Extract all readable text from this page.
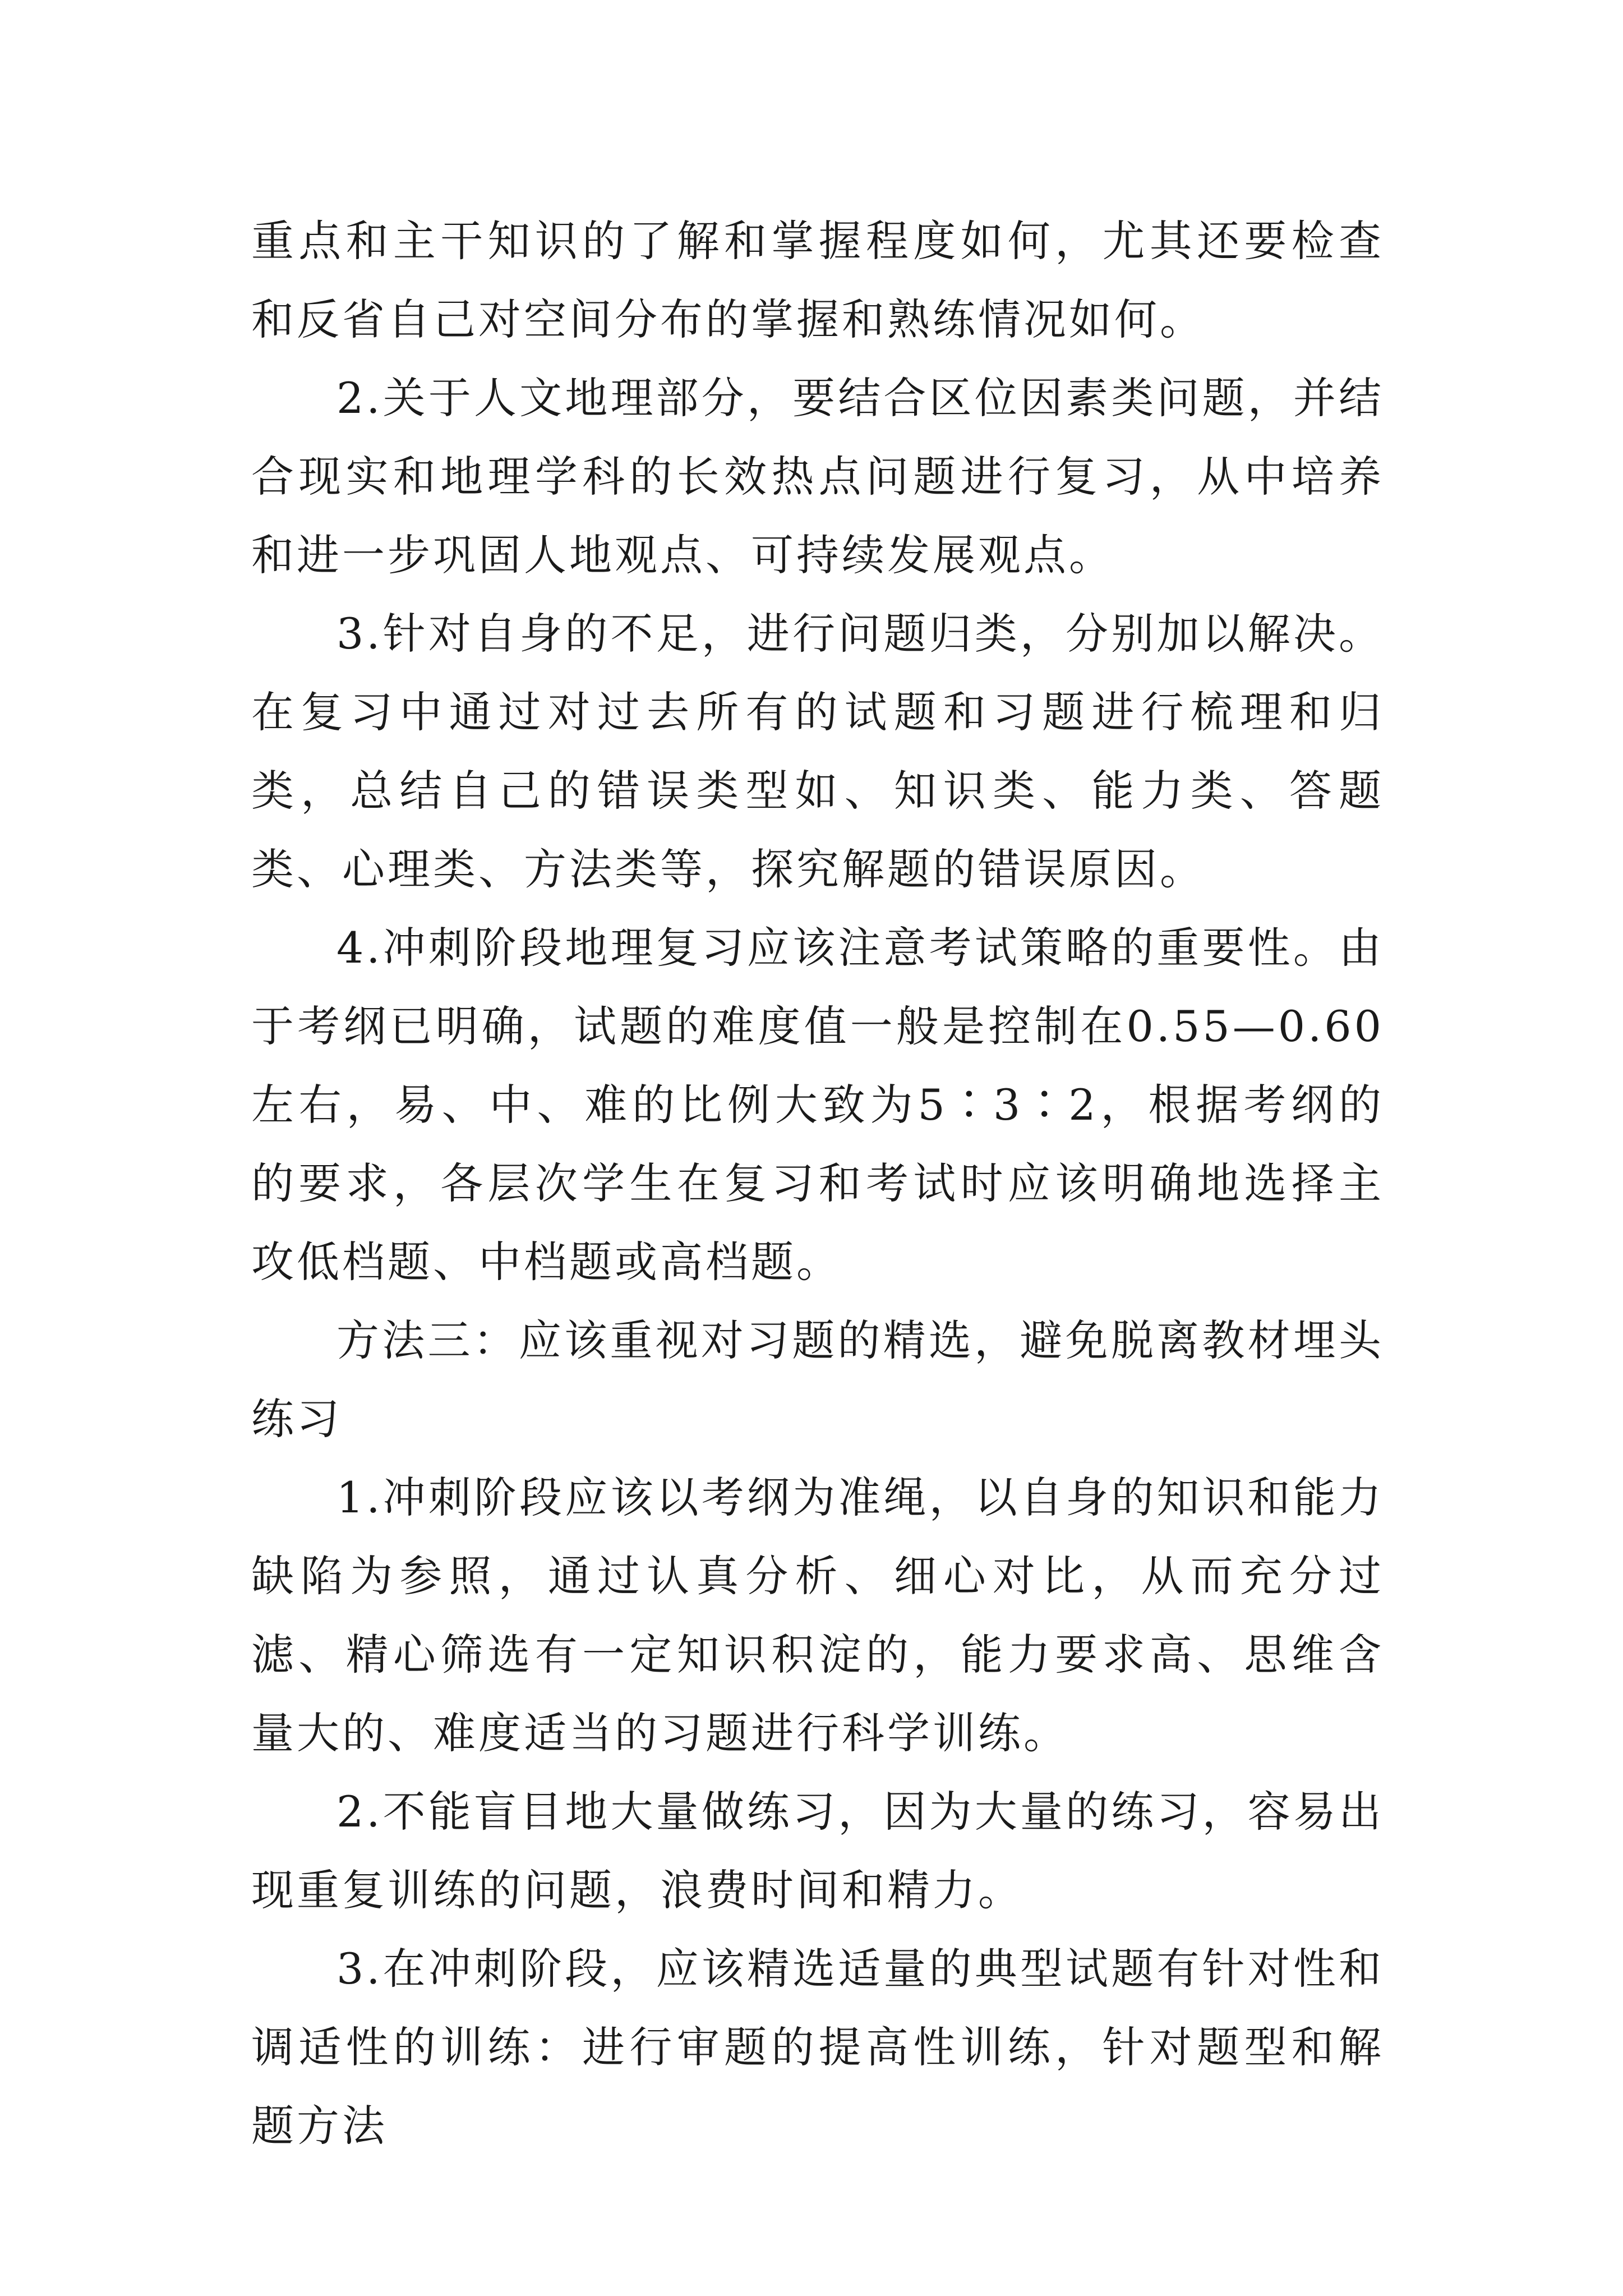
重点和主干知识的了解和掌握程度如何，尤其还要检查和反省自己对空间分布的掌握和熟练情况如何。

2.关于人文地理部分，要结合区位因素类问题，并结合现实和地理学科的长效热点问题进行复习，从中培养和进一步巩固人地观点、可持续发展观点。

3.针对自身的不足，进行问题归类，分别加以解决。在复习中通过对过去所有的试题和习题进行梳理和归类，总结自己的错误类型如、知识类、能力类、答题类、心理类、方法类等，探究解题的错误原因。

4.冲刺阶段地理复习应该注意考试策略的重要性。由于考纲已明确，试题的难度值一般是控制在0.55—0.60左右，易、中、难的比例大致为5∶3∶2，根据考纲的的要求，各层次学生在复习和考试时应该明确地选择主攻低档题、中档题或高档题。

方法三：应该重视对习题的精选，避免脱离教材埋头练习

1.冲刺阶段应该以考纲为准绳，以自身的知识和能力缺陷为参照，通过认真分析、细心对比，从而充分过滤、精心筛选有一定知识积淀的，能力要求高、思维含量大的、难度适当的习题进行科学训练。

2.不能盲目地大量做练习，因为大量的练习，容易出现重复训练的问题，浪费时间和精力。

3.在冲刺阶段，应该精选适量的典型试题有针对性和调适性的训练：进行审题的提高性训练，针对题型和解题方法
